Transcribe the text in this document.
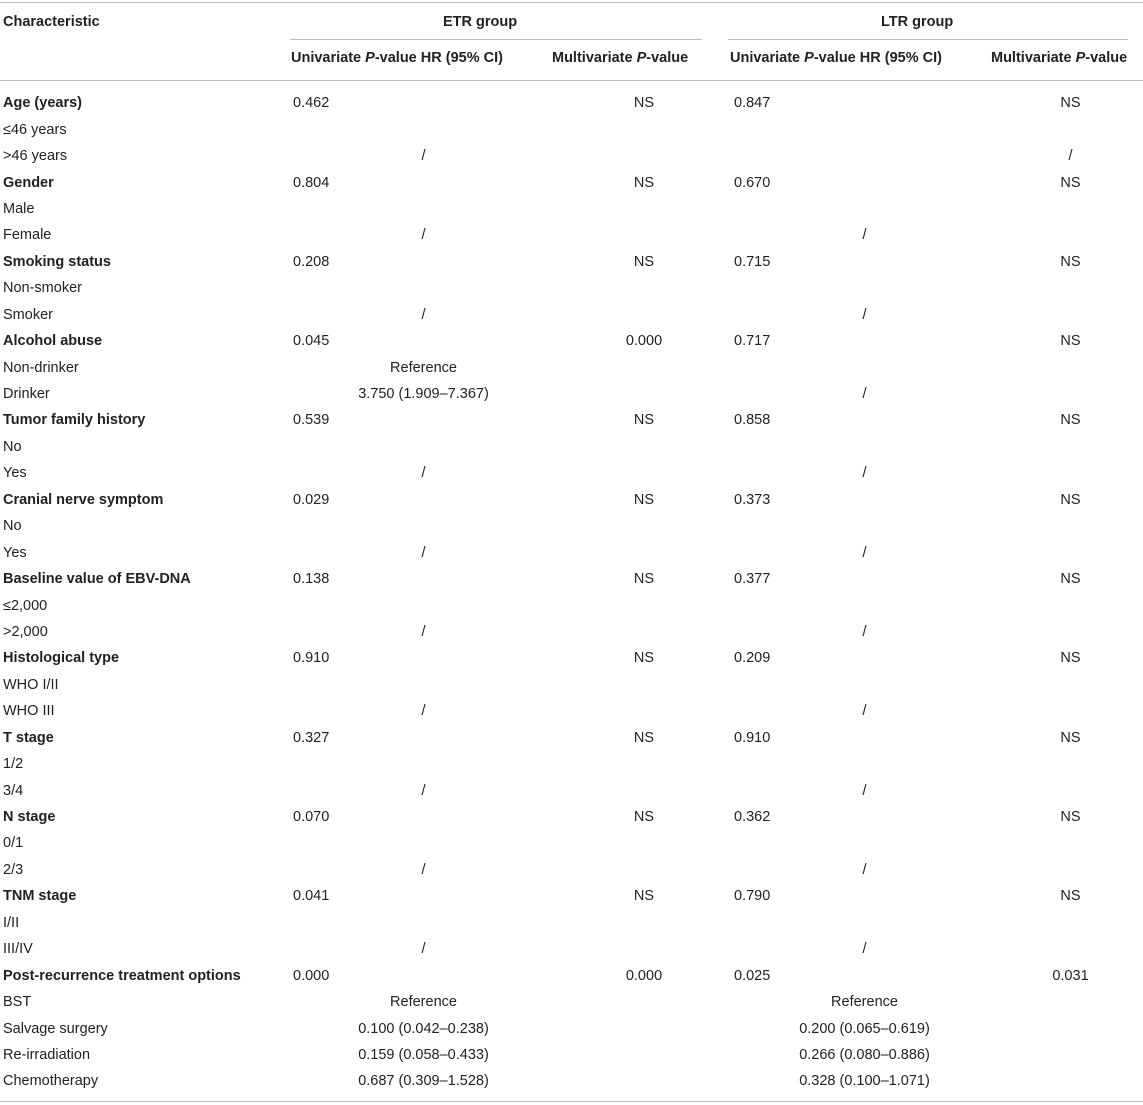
Characteristic	ETR group	LTR group
Univariate P-value HR (95% CI)	Multivariate P-value	Univariate P-value HR (95% CI)	Multivariate P-value
Age (years)	0.462	NS	0.847	NS
≤46 years	

>46 years	/			/
Gender	0.804	NS	0.670	NS
Male	

Female	/		/	

Smoking status	0.208	NS	0.715	NS
Non-smoker	

Smoker	/		/	

Alcohol abuse	0.045	0.000	0.717	NS
Non-drinker	Reference			

Drinker	3.750 (1.909–7.367)		/	

Tumor family history	0.539	NS	0.858	NS
No	

Yes	/		/	

Cranial nerve symptom	0.029	NS	0.373	NS
No	

Yes	/		/	

Baseline value of EBV-DNA	0.138	NS	0.377	NS
≤2,000	

>2,000	/		/	

Histological type	0.910	NS	0.209	NS
WHO I/II	

WHO III	/		/	

T stage	0.327	NS	0.910	NS
1/2	

3/4	/		/	

N stage	0.070	NS	0.362	NS
0/1	

2/3	/		/	

TNM stage	0.041	NS	0.790	NS
I/II	

III/IV	/		/	

Post-recurrence treatment options	0.000	0.000	0.025	0.031
BST	Reference		Reference	

Salvage surgery	0.100 (0.042–0.238)		0.200 (0.065–0.619)	

Re-irradiation	0.159 (0.058–0.433)		0.266 (0.080–0.886)	

Chemotherapy	0.687 (0.309–1.528)		0.328 (0.100–1.071)	
